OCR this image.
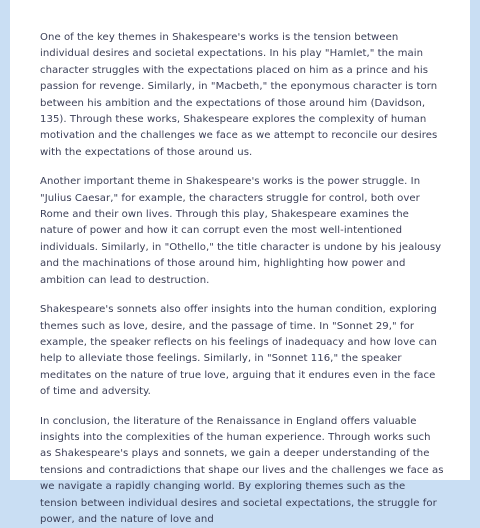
One of the key themes in Shakespeare's works is the tension between individual desires and societal expectations. In his play "Hamlet," the main character struggles with the expectations placed on him as a prince and his passion for revenge. Similarly, in "Macbeth," the eponymous character is torn between his ambition and the expectations of those around him (Davidson, 135). Through these works, Shakespeare explores the complexity of human motivation and the challenges we face as we attempt to reconcile our desires with the expectations of those around us.

Another important theme in Shakespeare's works is the power struggle. In "Julius Caesar," for example, the characters struggle for control, both over Rome and their own lives. Through this play, Shakespeare examines the nature of power and how it can corrupt even the most well-intentioned individuals. Similarly, in "Othello," the title character is undone by his jealousy and the machinations of those around him, highlighting how power and ambition can lead to destruction.

Shakespeare's sonnets also offer insights into the human condition, exploring themes such as love, desire, and the passage of time. In "Sonnet 29," for example, the speaker reflects on his feelings of inadequacy and how love can help to alleviate those feelings. Similarly, in "Sonnet 116," the speaker meditates on the nature of true love, arguing that it endures even in the face of time and adversity.

In conclusion, the literature of the Renaissance in England offers valuable insights into the complexities of the human experience. Through works such as Shakespeare's plays and sonnets, we gain a deeper understanding of the tensions and contradictions that shape our lives and the challenges we face as we navigate a rapidly changing world. By exploring themes such as the tension between individual desires and societal expectations, the struggle for power, and the nature of love and
